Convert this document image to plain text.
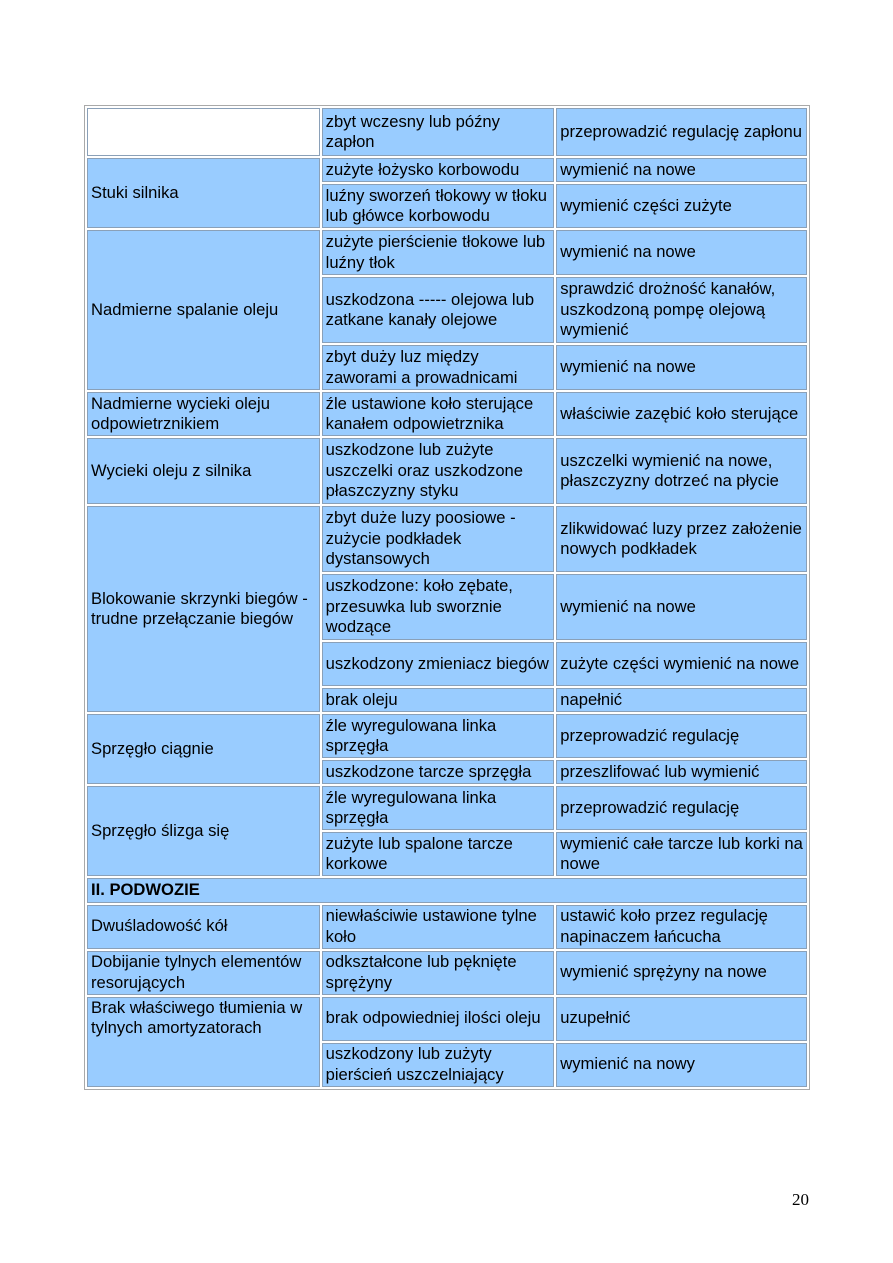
	zbyt wczesny lub późny zapłon	przeprowadzić regulację zapłonu
Stuki silnika	zużyte łożysko korbowodu	wymienić na nowe
	luźny sworzeń tłokowy w tłoku lub główce korbowodu	wymienić części zużyte
Nadmierne spalanie oleju	zużyte pierścienie tłokowe lub luźny tłok	wymienić na nowe
	uszkodzona ----- olejowa lub zatkane kanały olejowe	sprawdzić drożność kanałów, uszkodzoną pompę olejową wymienić
	zbyt duży luz między zaworami a prowadnicami	wymienić na nowe
Nadmierne wycieki oleju odpowietrznikiem	źle ustawione koło sterujące kanałem odpowietrznika	właściwie zazębić koło sterujące
Wycieki oleju z silnika	uszkodzone lub zużyte uszczelki oraz uszkodzone płaszczyzny styku	uszczelki wymienić na nowe, płaszczyzny dotrzeć na płycie
Blokowanie skrzynki biegów - trudne przełączanie biegów	zbyt duże luzy poosiowe - zużycie podkładek dystansowych	zlikwidować luzy przez założenie nowych podkładek
	uszkodzone: koło zębate, przesuwka lub sworznie wodzące	wymienić na nowe
	uszkodzony zmieniacz biegów	zużyte części wymienić na nowe
	brak oleju	napełnić
Sprzęgło ciągnie	źle wyregulowana linka sprzęgła	przeprowadzić regulację
	uszkodzone tarcze sprzęgła	przeszlifować lub wymienić
Sprzęgło ślizga się	źle wyregulowana linka sprzęgła	przeprowadzić regulację
	zużyte lub spalone tarcze korkowe	wymienić całe tarcze lub korki na nowe
II. PODWOZIE		
Dwuśladowość kół	niewłaściwie ustawione tylne koło	ustawić koło przez regulację napinaczem łańcucha
Dobijanie tylnych elementów resorujących	odkształcone lub pęknięte sprężyny	wymienić sprężyny na nowe
Brak właściwego tłumienia w tylnych amortyzatorach	brak odpowiedniej ilości oleju	uzupełnić
	uszkodzony lub zużyty pierścień uszczelniający	wymienić na nowy
20
